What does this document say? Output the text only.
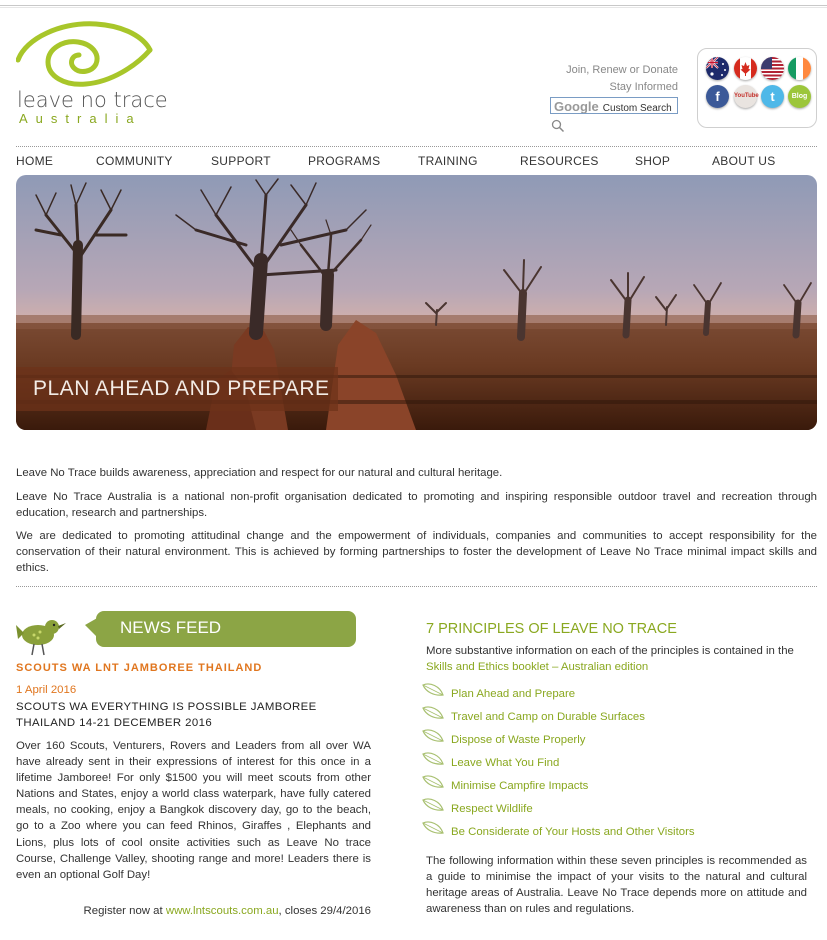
leave no trace
Australia
Join, Renew or Donate
Stay Informed
Google Custom Search
f	YouTube t	Blog
HOME	COMMUNITY	SUPPORT	PROGRAMS	TRAINING	RESOURCES	SHOP	ABOUT US
PLAN AHEAD AND PREPARE

Leave No Trace builds awareness, appreciation and respect for our natural and cultural heritage.

Leave No Trace Australia is a national non-profit organisation dedicated to promoting and inspiring responsible outdoor travel and recreation through education, research and partnerships.

We are dedicated to promoting attitudinal change and the empowerment of individuals, companies and communities to accept responsibility for the conservation of their natural environment. This is achieved by forming partnerships to foster the development of Leave No Trace minimal impact skills and ethics.

NEWS FEED
SCOUTS WA LNT JAMBOREE THAILAND
1 April 2016
SCOUTS WA EVERYTHING IS POSSIBLE JAMBOREE THAILAND 14-21 DECEMBER 2016
Over 160 Scouts, Venturers, Rovers and Leaders from all over WA have already sent in their expressions of interest for this once in a lifetime Jamboree! For only $1500 you will meet scouts from other Nations and States, enjoy a world class waterpark, have fully catered meals, no cooking, enjoy a Bangkok discovery day, go to the beach, go to a Zoo where you can feed Rhinos, Giraffes , Elephants and Lions, plus lots of cool onsite activities such as Leave No trace Course, Challenge Valley, shooting range and more! Leaders there is even an optional Golf Day!
Register now at www.lntscouts.com.au, closes 29/4/2016
7 PRINCIPLES OF LEAVE NO TRACE
More substantive information on each of the principles is contained in the Skills and Ethics booklet – Australian edition
Plan Ahead and Prepare
Travel and Camp on Durable Surfaces
Dispose of Waste Properly
Leave What You Find
Minimise Campfire Impacts
Respect Wildlife
Be Considerate of Your Hosts and Other Visitors
The following information within these seven principles is recommended as a guide to minimise the impact of your visits to the natural and cultural heritage areas of Australia. Leave No Trace depends more on attitude and awareness than on rules and regulations.
